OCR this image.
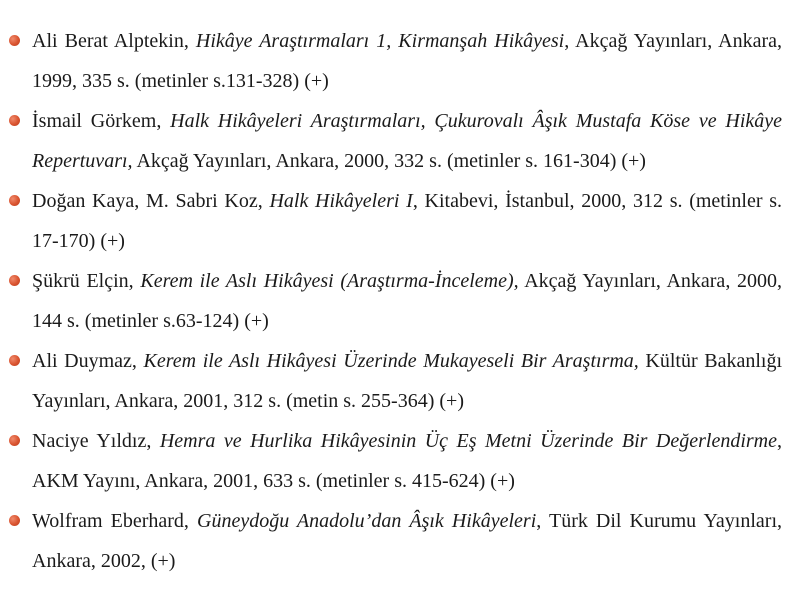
Ali Berat Alptekin, Hikâye Araştırmaları 1, Kirmanşah Hikâyesi, Akçağ Yayınları, Ankara, 1999, 335 s. (metinler s.131-328) (+)
İsmail Görkem, Halk Hikâyeleri Araştırmaları, Çukurovalı Âşık Mustafa Köse ve Hikâye Repertuvarı, Akçağ Yayınları, Ankara, 2000, 332 s. (metinler s. 161-304) (+)
Doğan Kaya, M. Sabri Koz, Halk Hikâyeleri I, Kitabevi, İstanbul, 2000, 312 s. (metinler s. 17-170) (+)
Şükrü Elçin, Kerem ile Aslı Hikâyesi (Araştırma-İnceleme), Akçağ Yayınları, Ankara, 2000, 144 s. (metinler s.63-124) (+)
Ali Duymaz, Kerem ile Aslı Hikâyesi Üzerinde Mukayeseli Bir Araştırma, Kültür Bakanlığı Yayınları, Ankara, 2001, 312 s. (metin s. 255-364) (+)
Naciye Yıldız, Hemra ve Hurlika Hikâyesinin Üç Eş Metni Üzerinde Bir Değerlendirme, AKM Yayını, Ankara, 2001, 633 s. (metinler s. 415-624) (+)
Wolfram Eberhard, Güneydoğu Anadolu’dan Âşık Hikâyeleri, Türk Dil Kurumu Yayınları, Ankara, 2002, (+)
